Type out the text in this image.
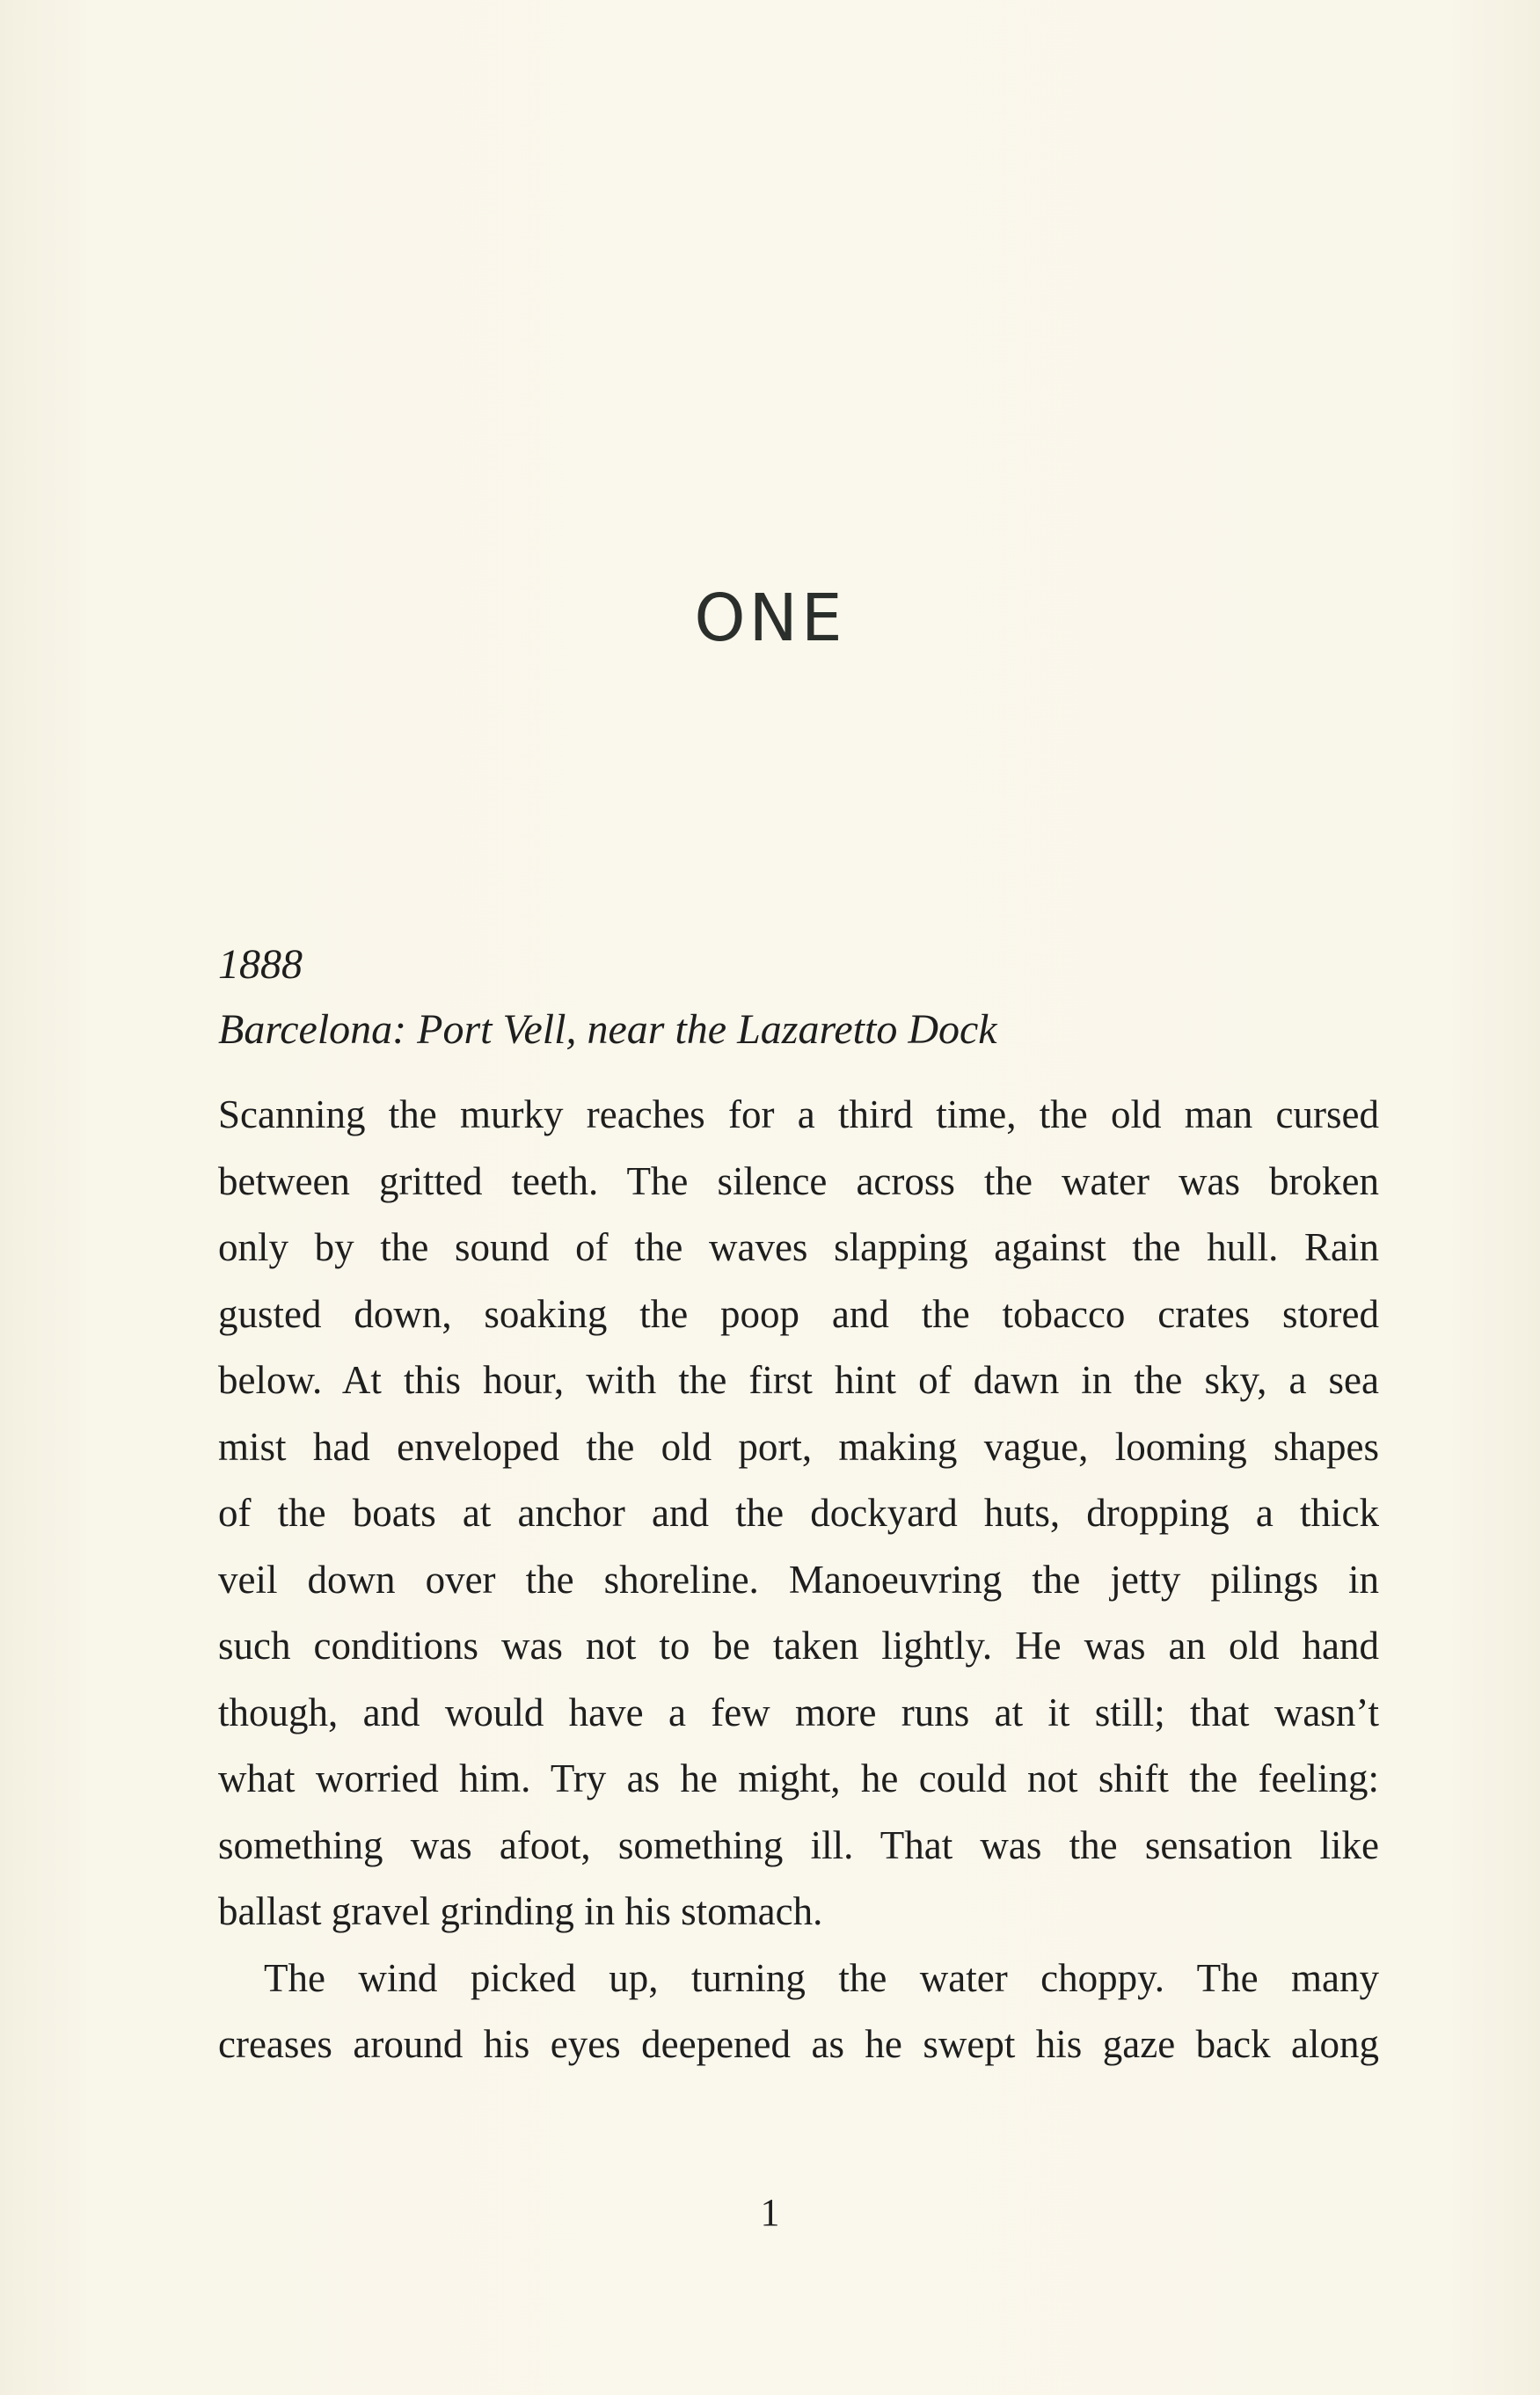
ONE
1888
Barcelona: Port Vell, near the Lazaretto Dock

Scanning the murky reaches for a third time, the old man cursed
between gritted teeth. The silence across the water was broken
only by the sound of the waves slapping against the hull. Rain
gusted down, soaking the poop and the tobacco crates stored
below. At this hour, with the first hint of dawn in the sky, a sea
mist had enveloped the old port, making vague, looming shapes
of the boats at anchor and the dockyard huts, dropping a thick
veil down over the shoreline. Manoeuvring the jetty pilings in
such conditions was not to be taken lightly. He was an old hand
though, and would have a few more runs at it still; that wasn’t
what worried him. Try as he might, he could not shift the feeling:
something was afoot, something ill. That was the sensation like
ballast gravel grinding in his stomach.

The wind picked up, turning the water choppy. The many
creases around his eyes deepened as he swept his gaze back along

1
